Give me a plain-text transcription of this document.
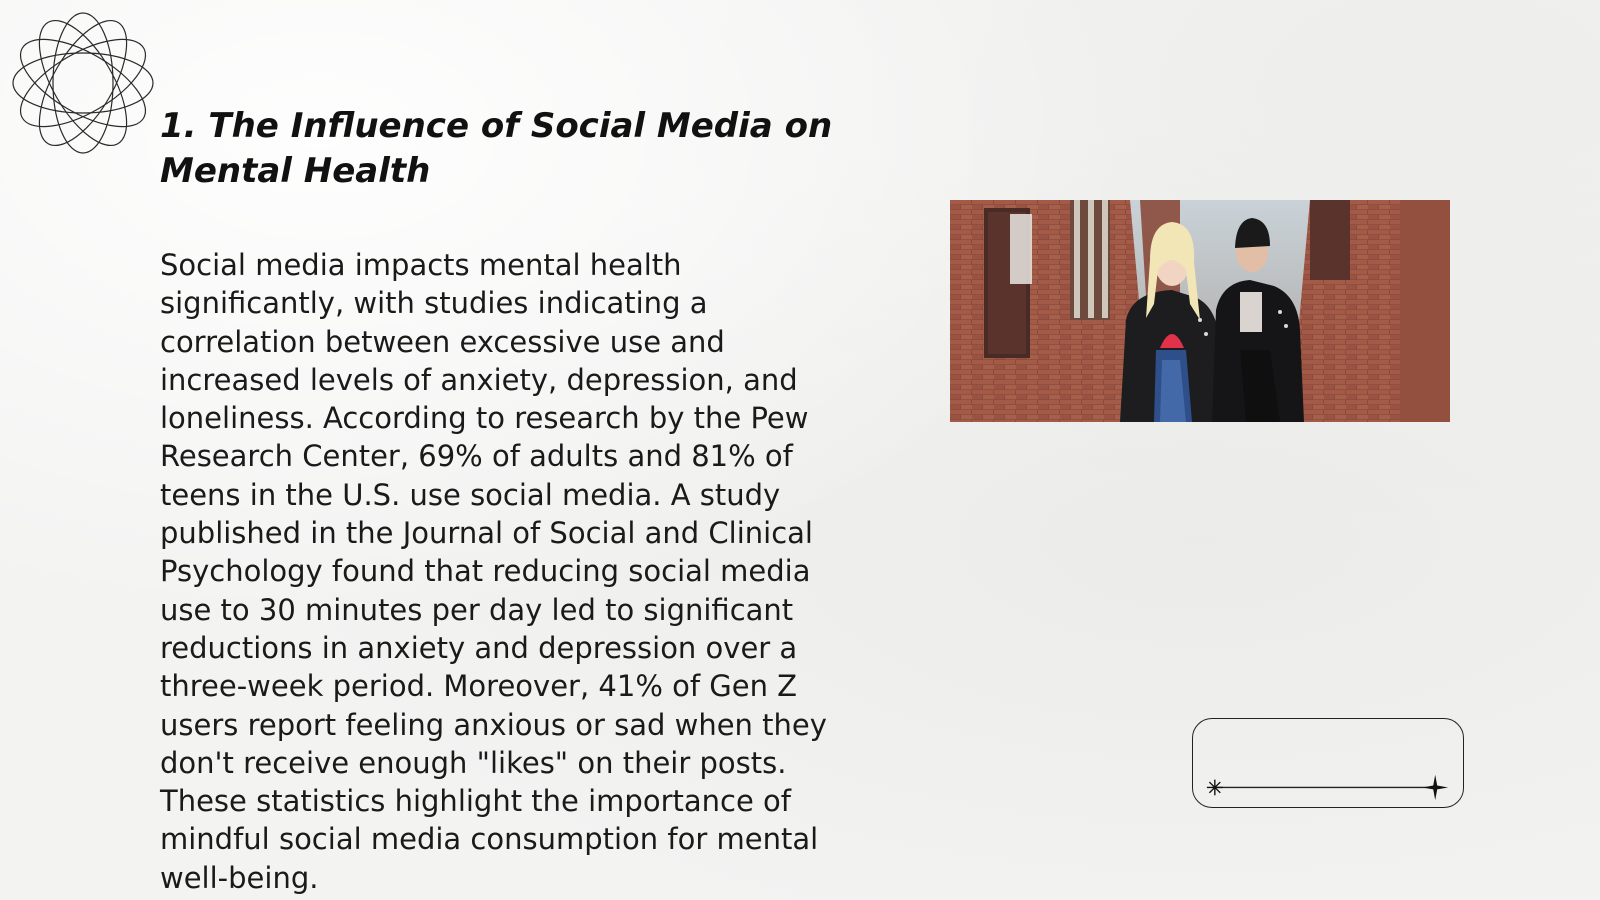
1. The Influence of Social Media on Mental Health

Social media impacts mental health significantly, with studies indicating a correlation between excessive use and increased levels of anxiety, depression, and loneliness. According to research by the Pew Research Center, 69% of adults and 81% of teens in the U.S. use social media. A study published in the Journal of Social and Clinical Psychology found that reducing social media use to 30 minutes per day led to significant reductions in anxiety and depression over a three-week period. Moreover, 41% of Gen Z users report feeling anxious or sad when they don't receive enough "likes" on their posts. These statistics highlight the importance of mindful social media consumption for mental well-being.
